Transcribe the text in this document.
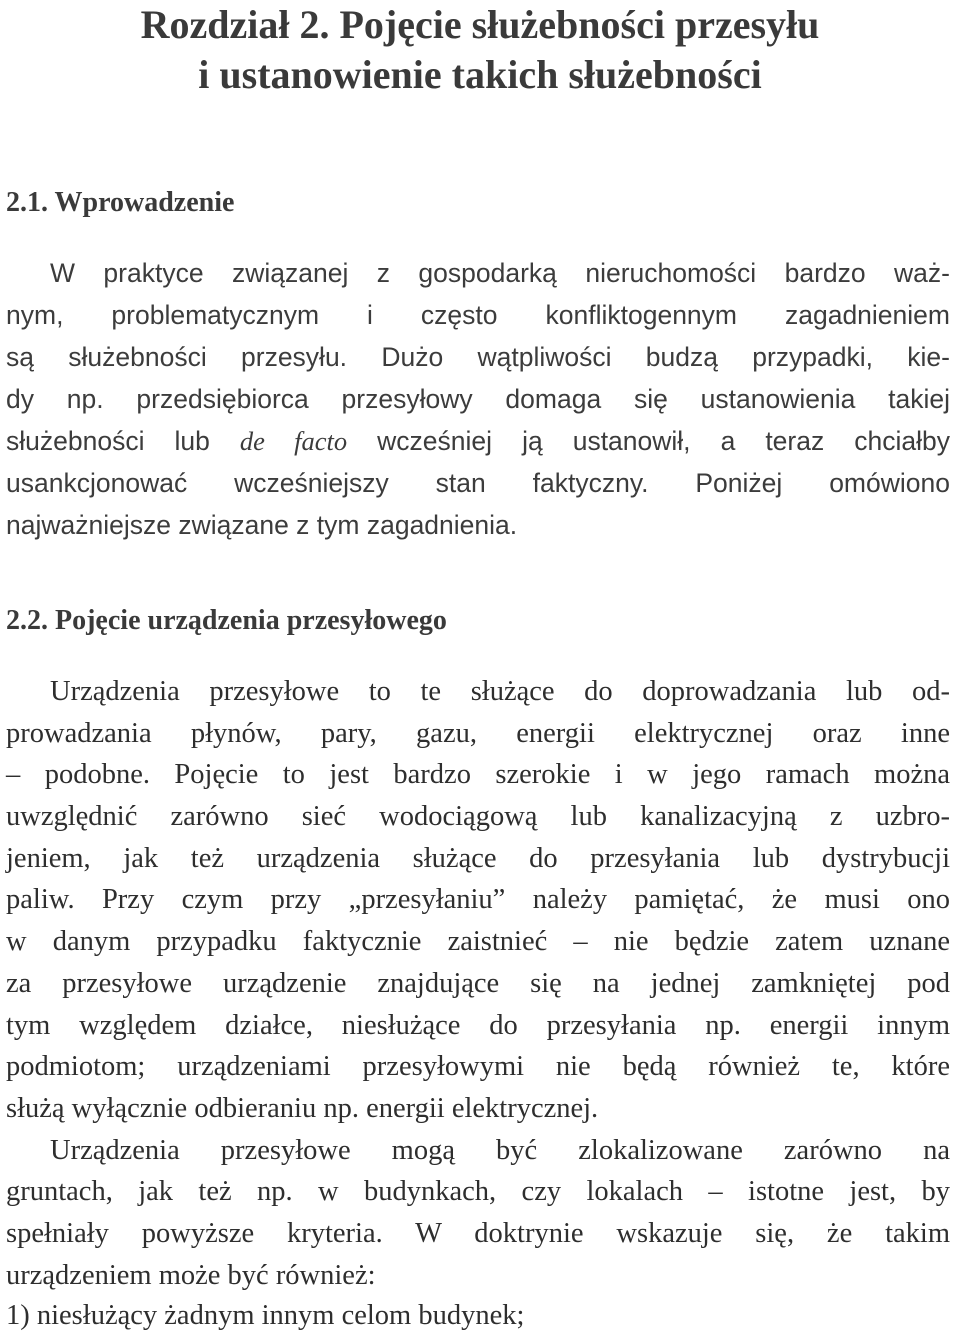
Rozdział 2. Pojęcie służebności przesyłu
i ustanowienie takich służebności
2.1. Wprowadzenie
W praktyce związanej z gospodarką nieruchomości bardzo waż-
nym, problematycznym i często konfliktogennym zagadnieniem
są służebności przesyłu. Dużo wątpliwości budzą przypadki, kie-
dy np. przedsiębiorca przesyłowy domaga się ustanowienia takiej
służebności lub de facto wcześniej ją ustanowił, a teraz chciałby
usankcjonować wcześniejszy stan faktyczny. Poniżej omówiono
najważniejsze związane z tym zagadnienia.
2.2. Pojęcie urządzenia przesyłowego
Urządzenia przesyłowe to te służące do doprowadzania lub od-
prowadzania płynów, pary, gazu, energii elektrycznej oraz inne
– podobne. Pojęcie to jest bardzo szerokie i w jego ramach można
uwzględnić zarówno sieć wodociągową lub kanalizacyjną z uzbro-
jeniem, jak też urządzenia służące do przesyłania lub dystrybucji
paliw. Przy czym przy „przesyłaniu” należy pamiętać, że musi ono
w danym przypadku faktycznie zaistnieć – nie będzie zatem uznane
za przesyłowe urządzenie znajdujące się na jednej zamkniętej pod
tym względem działce, niesłużące do przesyłania np. energii innym
podmiotom; urządzeniami przesyłowymi nie będą również te, które
służą wyłącznie odbieraniu np. energii elektrycznej.
Urządzenia przesyłowe mogą być zlokalizowane zarówno na
gruntach, jak też np. w budynkach, czy lokalach – istotne jest, by
spełniały powyższe kryteria. W doktrynie wskazuje się, że takim
urządzeniem może być również:
1) niesłużący żadnym innym celom budynek;
